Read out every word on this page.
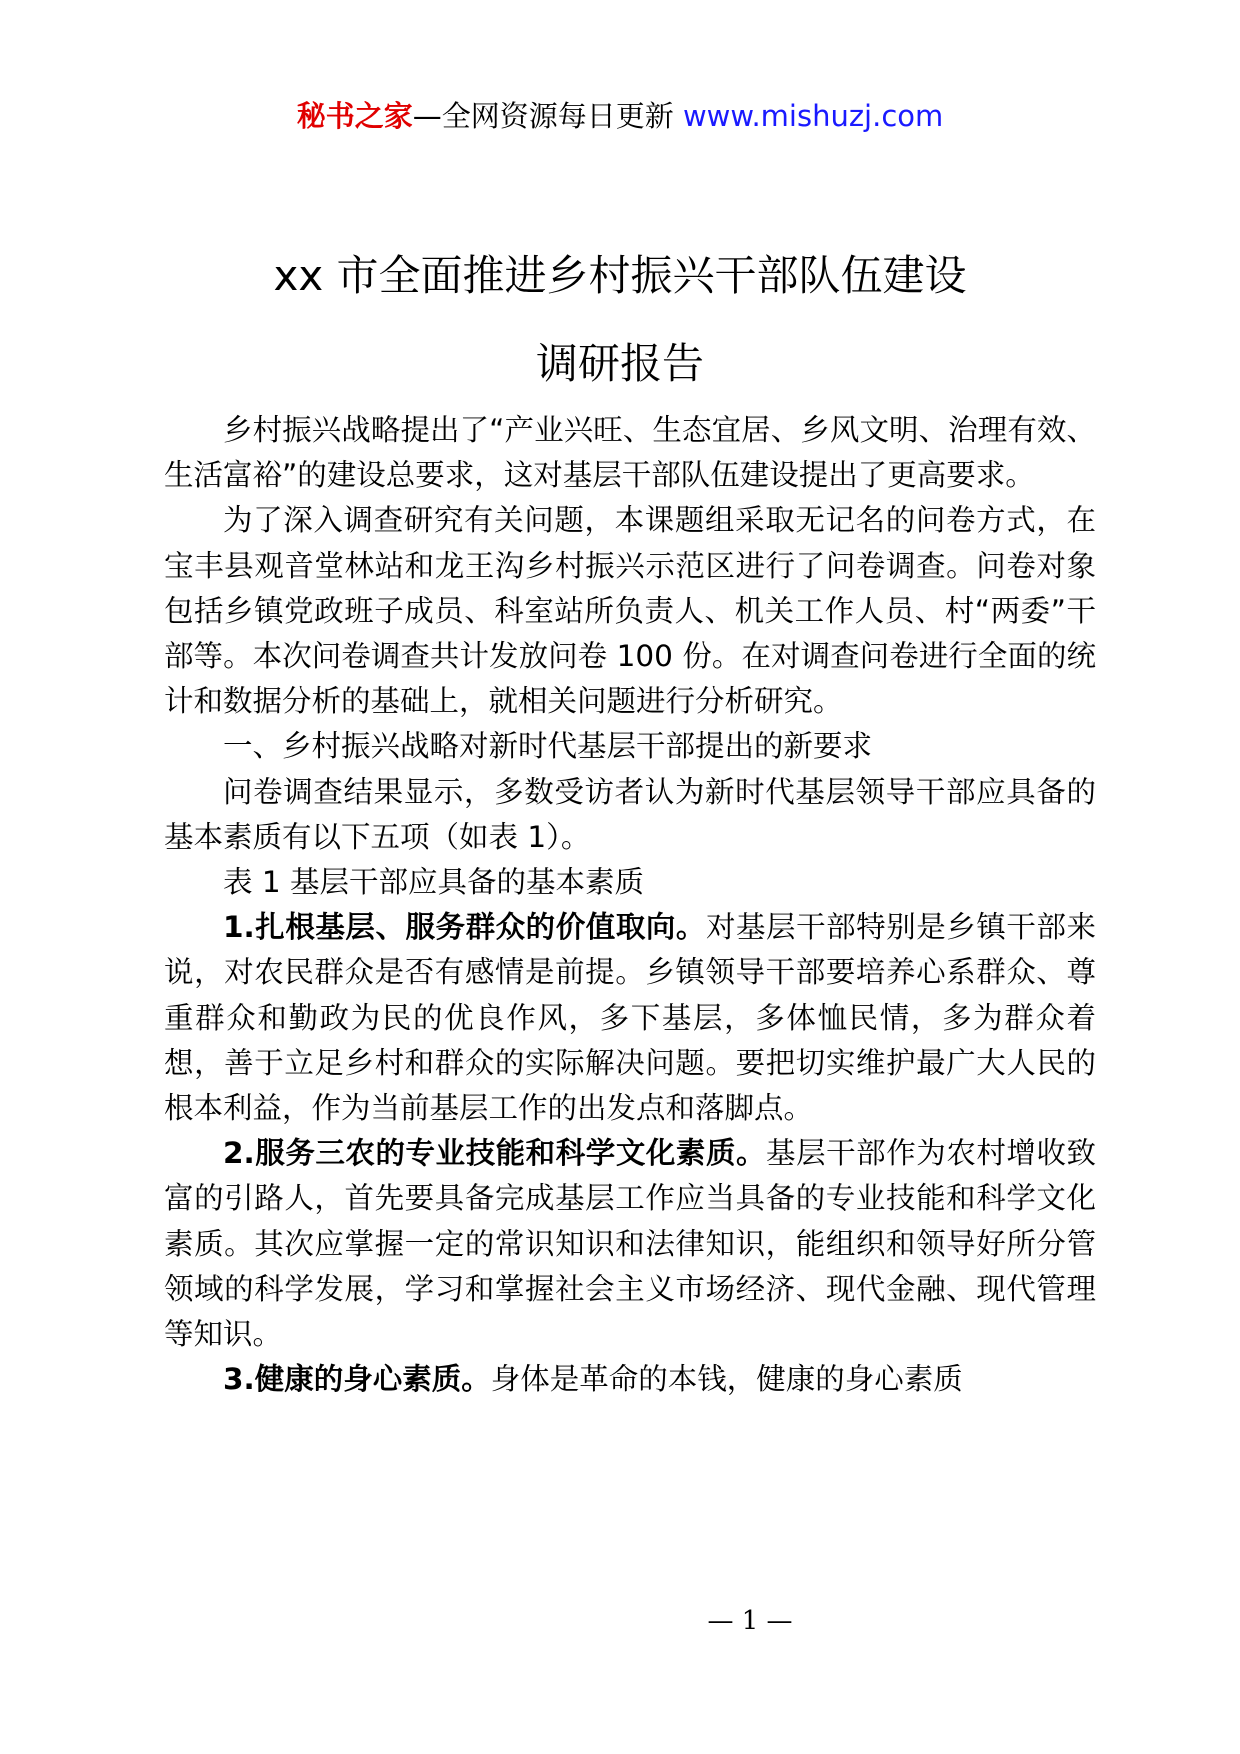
秘书之家—全网资源每日更新 www.mishuzj.com
xx 市全面推进乡村振兴干部队伍建设
调研报告

乡村振兴战略提出了“产业兴旺、生态宜居、乡风文明、治理有效、生活富裕”的建设总要求，这对基层干部队伍建设提出了更高要求。

为了深入调查研究有关问题，本课题组采取无记名的问卷方式，在宝丰县观音堂林站和龙王沟乡村振兴示范区进行了问卷调查。问卷对象包括乡镇党政班子成员、科室站所负责人、机关工作人员、村“两委”干部等。本次问卷调查共计发放问卷 100 份。在对调查问卷进行全面的统计和数据分析的基础上，就相关问题进行分析研究。

一、乡村振兴战略对新时代基层干部提出的新要求

问卷调查结果显示，多数受访者认为新时代基层领导干部应具备的基本素质有以下五项（如表 1）。

表 1 基层干部应具备的基本素质

1.扎根基层、服务群众的价值取向。对基层干部特别是乡镇干部来说，对农民群众是否有感情是前提。乡镇领导干部要培养心系群众、尊重群众和勤政为民的优良作风，多下基层，多体恤民情，多为群众着想，善于立足乡村和群众的实际解决问题。要把切实维护最广大人民的根本利益，作为当前基层工作的出发点和落脚点。

2.服务三农的专业技能和科学文化素质。基层干部作为农村增收致富的引路人，首先要具备完成基层工作应当具备的专业技能和科学文化素质。其次应掌握一定的常识知识和法律知识，能组织和领导好所分管领域的科学发展，学习和掌握社会主义市场经济、现代金融、现代管理等知识。

3.健康的身心素质。身体是革命的本钱，健康的身心素质

— 1 —
